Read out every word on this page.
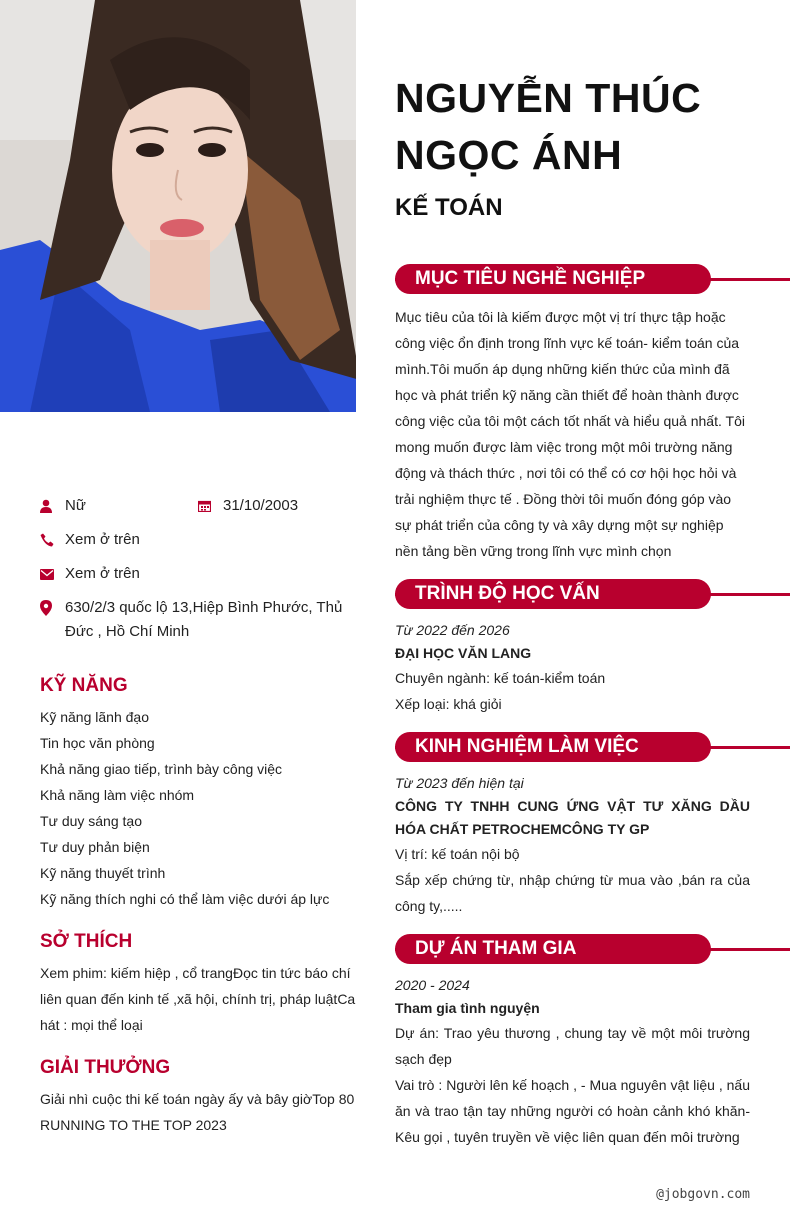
Nữ	31/10/2003
Xem ở trên
Xem ở trên
630/2/3 quốc lộ 13,Hiệp Bình Phước, Thủ Đức , Hồ Chí Minh
KỸ NĂNG
Kỹ năng lãnh đạo
Tin học văn phòng
Khả năng giao tiếp, trình bày công việc
Khả năng làm việc nhóm
Tư duy sáng tạo
Tư duy phản biện
Kỹ năng thuyết trình
Kỹ năng thích nghi có thể làm việc dưới áp lực
SỞ THÍCH
Xem phim: kiếm hiệp , cổ trangĐọc tin tức báo chí liên quan đến kinh tế ,xã hội, chính trị, pháp luậtCa hát : mọi thể loại
GIẢI THƯỞNG
Giải nhì cuộc thi kế toán ngày ấy và bây giờTop 80 RUNNING TO THE TOP 2023
NGUYỄN THÚC
NGỌC ÁNH
KẾ TOÁN
MỤC TIÊU NGHỀ NGHIỆP

Mục tiêu của tôi là kiếm được một vị trí thực tập hoặc công việc ổn định trong lĩnh vực kế toán- kiểm toán của mình.Tôi muốn áp dụng những kiến thức của mình đã học và phát triển kỹ năng cần thiết để hoàn thành được công việc của tôi một cách tốt nhất và hiểu quả nhất. Tôi mong muốn được làm việc trong một môi trường năng động và thách thức , nơi tôi có thể có cơ hội học hỏi và trải nghiệm thực tế . Đồng thời tôi muốn đóng góp vào sự phát triển của công ty và xây dựng một sự nghiệp nền tảng bền vững trong lĩnh vực mình chọn

TRÌNH ĐỘ HỌC VẤN

Từ 2022 đến 2026

ĐẠI HỌC VĂN LANG

Chuyên ngành: kế toán-kiểm toán

Xếp loại: khá giỏi

KINH NGHIỆM LÀM VIỆC

Từ 2023 đến hiện tại

CÔNG TY TNHH CUNG ỨNG VẬT TƯ XĂNG DẦU HÓA CHẤT PETROCHEMCÔNG TY GP

Vị trí: kế toán nội bộ

Sắp xếp chứng từ, nhập chứng từ mua vào ,bán ra của công ty,.....

DỰ ÁN THAM GIA

2020 - 2024

Tham gia tình nguyện

Dự án: Trao yêu thương , chung tay về một môi trường sạch đẹp

Vai trò : Người lên kế hoạch , - Mua nguyên vật liệu , nấu ăn và trao tận tay những người có hoàn cảnh khó khăn- Kêu gọi , tuyên truyền về việc liên quan đến môi trường

@jobgovn.com
